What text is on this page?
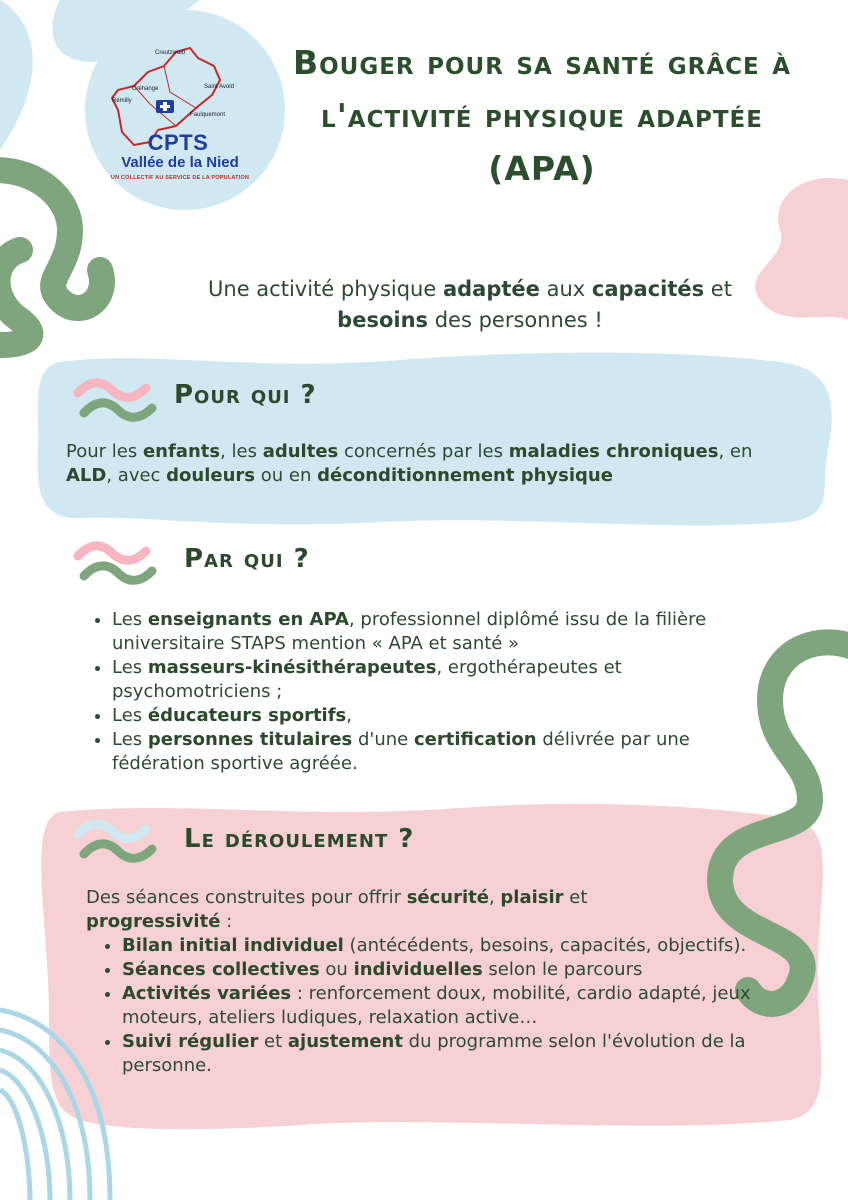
Creutzwald
Saint Avold
Créhange
Rémilly
Faulquemont
CPTS
Vallée de la Nied
UN COLLECTIF AU SERVICE DE LA POPULATION
Bouger pour sa santé grâce à l'activité physique adaptée (APA)
Une activité physique adaptée aux capacités et
besoins des personnes !
Pour qui ?
Pour les enfants, les adultes concernés par les maladies chroniques, en
ALD, avec douleurs ou en déconditionnement physique
Par qui ?
• Les enseignants en APA, professionnel diplômé issu de la filière universitaire STAPS mention « APA et santé »
• Les masseurs-kinésithérapeutes, ergothérapeutes et psychomotriciens ;
• Les éducateurs sportifs,
• Les personnes titulaires d'une certification délivrée par une fédération sportive agréée.
Le déroulement ?
Des séances construites pour offrir sécurité, plaisir et
progressivité :
• Bilan initial individuel (antécédents, besoins, capacités, objectifs).
• Séances collectives ou individuelles selon le parcours
• Activités variées : renforcement doux, mobilité, cardio adapté, jeux moteurs, ateliers ludiques, relaxation active…
• Suivi régulier et ajustement du programme selon l'évolution de la personne.
